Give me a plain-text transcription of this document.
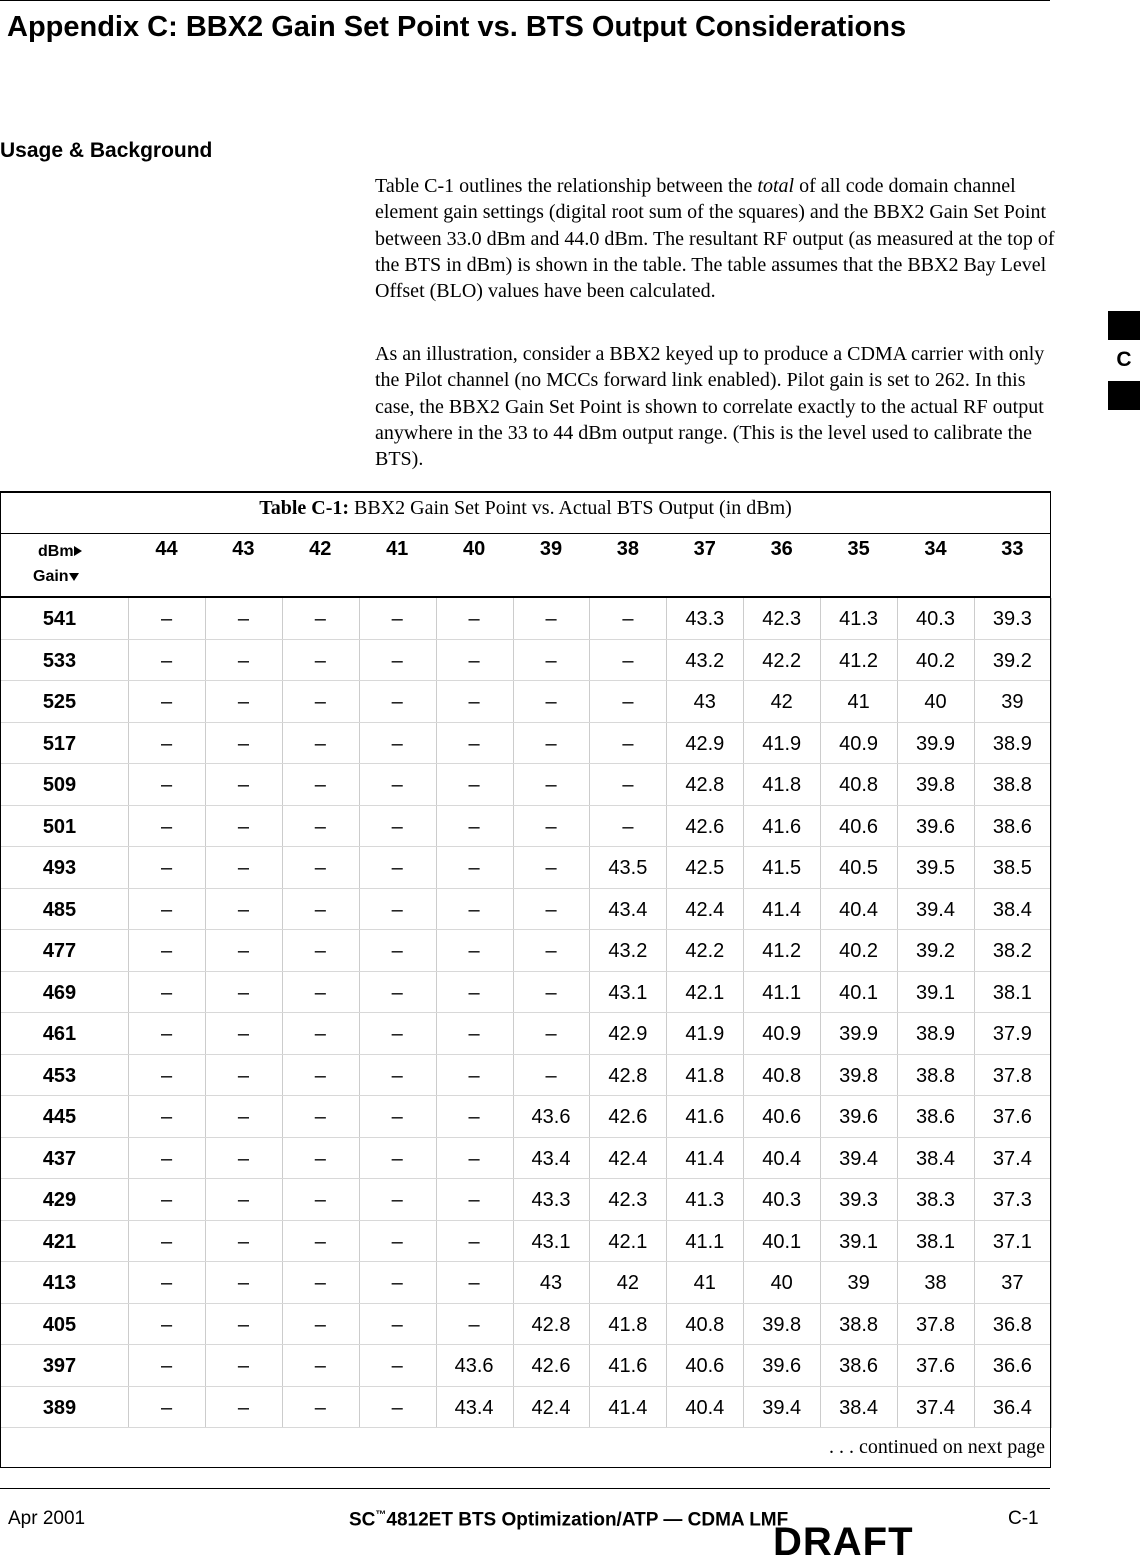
Appendix C: BBX2 Gain Set Point vs. BTS Output Considerations
Usage & Background
Table C-1 outlines the relationship between the total of all code domain channel element gain settings (digital root sum of the squares) and the BBX2 Gain Set Point between 33.0 dBm and 44.0 dBm. The resultant RF output (as measured at the top of the BTS in dBm) is shown in the table. The table assumes that the BBX2 Bay Level Offset (BLO) values have been calculated.
As an illustration, consider a BBX2 keyed up to produce a CDMA carrier with only the Pilot channel (no MCCs forward link enabled). Pilot gain is set to 262. In this case, the BBX2 Gain Set Point is shown to correlate exactly to the actual RF output anywhere in the 33 to 44 dBm output range. (This is the level used to calibrate the BTS).
Table C-1: BBX2 Gain Set Point vs. Actual BTS Output (in dBm)
dBm
Gain
44	43	42	41	40	39	38	37	36	35	34	33
541	–	–	–	–	–	–	–	43.3	42.3	41.3	40.3	39.3
533	–	–	–	–	–	–	–	43.2	42.2	41.2	40.2	39.2
525	–	–	–	–	–	–	–	43	42	41	40	39
517	–	–	–	–	–	–	–	42.9	41.9	40.9	39.9	38.9
509	–	–	–	–	–	–	–	42.8	41.8	40.8	39.8	38.8
501	–	–	–	–	–	–	–	42.6	41.6	40.6	39.6	38.6
493	–	–	–	–	–	–	43.5	42.5	41.5	40.5	39.5	38.5
485	–	–	–	–	–	–	43.4	42.4	41.4	40.4	39.4	38.4
477	–	–	–	–	–	–	43.2	42.2	41.2	40.2	39.2	38.2
469	–	–	–	–	–	–	43.1	42.1	41.1	40.1	39.1	38.1
461	–	–	–	–	–	–	42.9	41.9	40.9	39.9	38.9	37.9
453	–	–	–	–	–	–	42.8	41.8	40.8	39.8	38.8	37.8
445	–	–	–	–	–	43.6	42.6	41.6	40.6	39.6	38.6	37.6
437	–	–	–	–	–	43.4	42.4	41.4	40.4	39.4	38.4	37.4
429	–	–	–	–	–	43.3	42.3	41.3	40.3	39.3	38.3	37.3
421	–	–	–	–	–	43.1	42.1	41.1	40.1	39.1	38.1	37.1
413	–	–	–	–	–	43	42	41	40	39	38	37
405	–	–	–	–	–	42.8	41.8	40.8	39.8	38.8	37.8	36.8
397	–	–	–	–	43.6	42.6	41.6	40.6	39.6	38.6	37.6	36.6
389	–	–	–	–	43.4	42.4	41.4	40.4	39.4	38.4	37.4	36.4
. . . continued on next page
Apr 2001	SC™4812ET BTS Optimization/ATP — CDMA LMF	C-1
DRAFT
C
